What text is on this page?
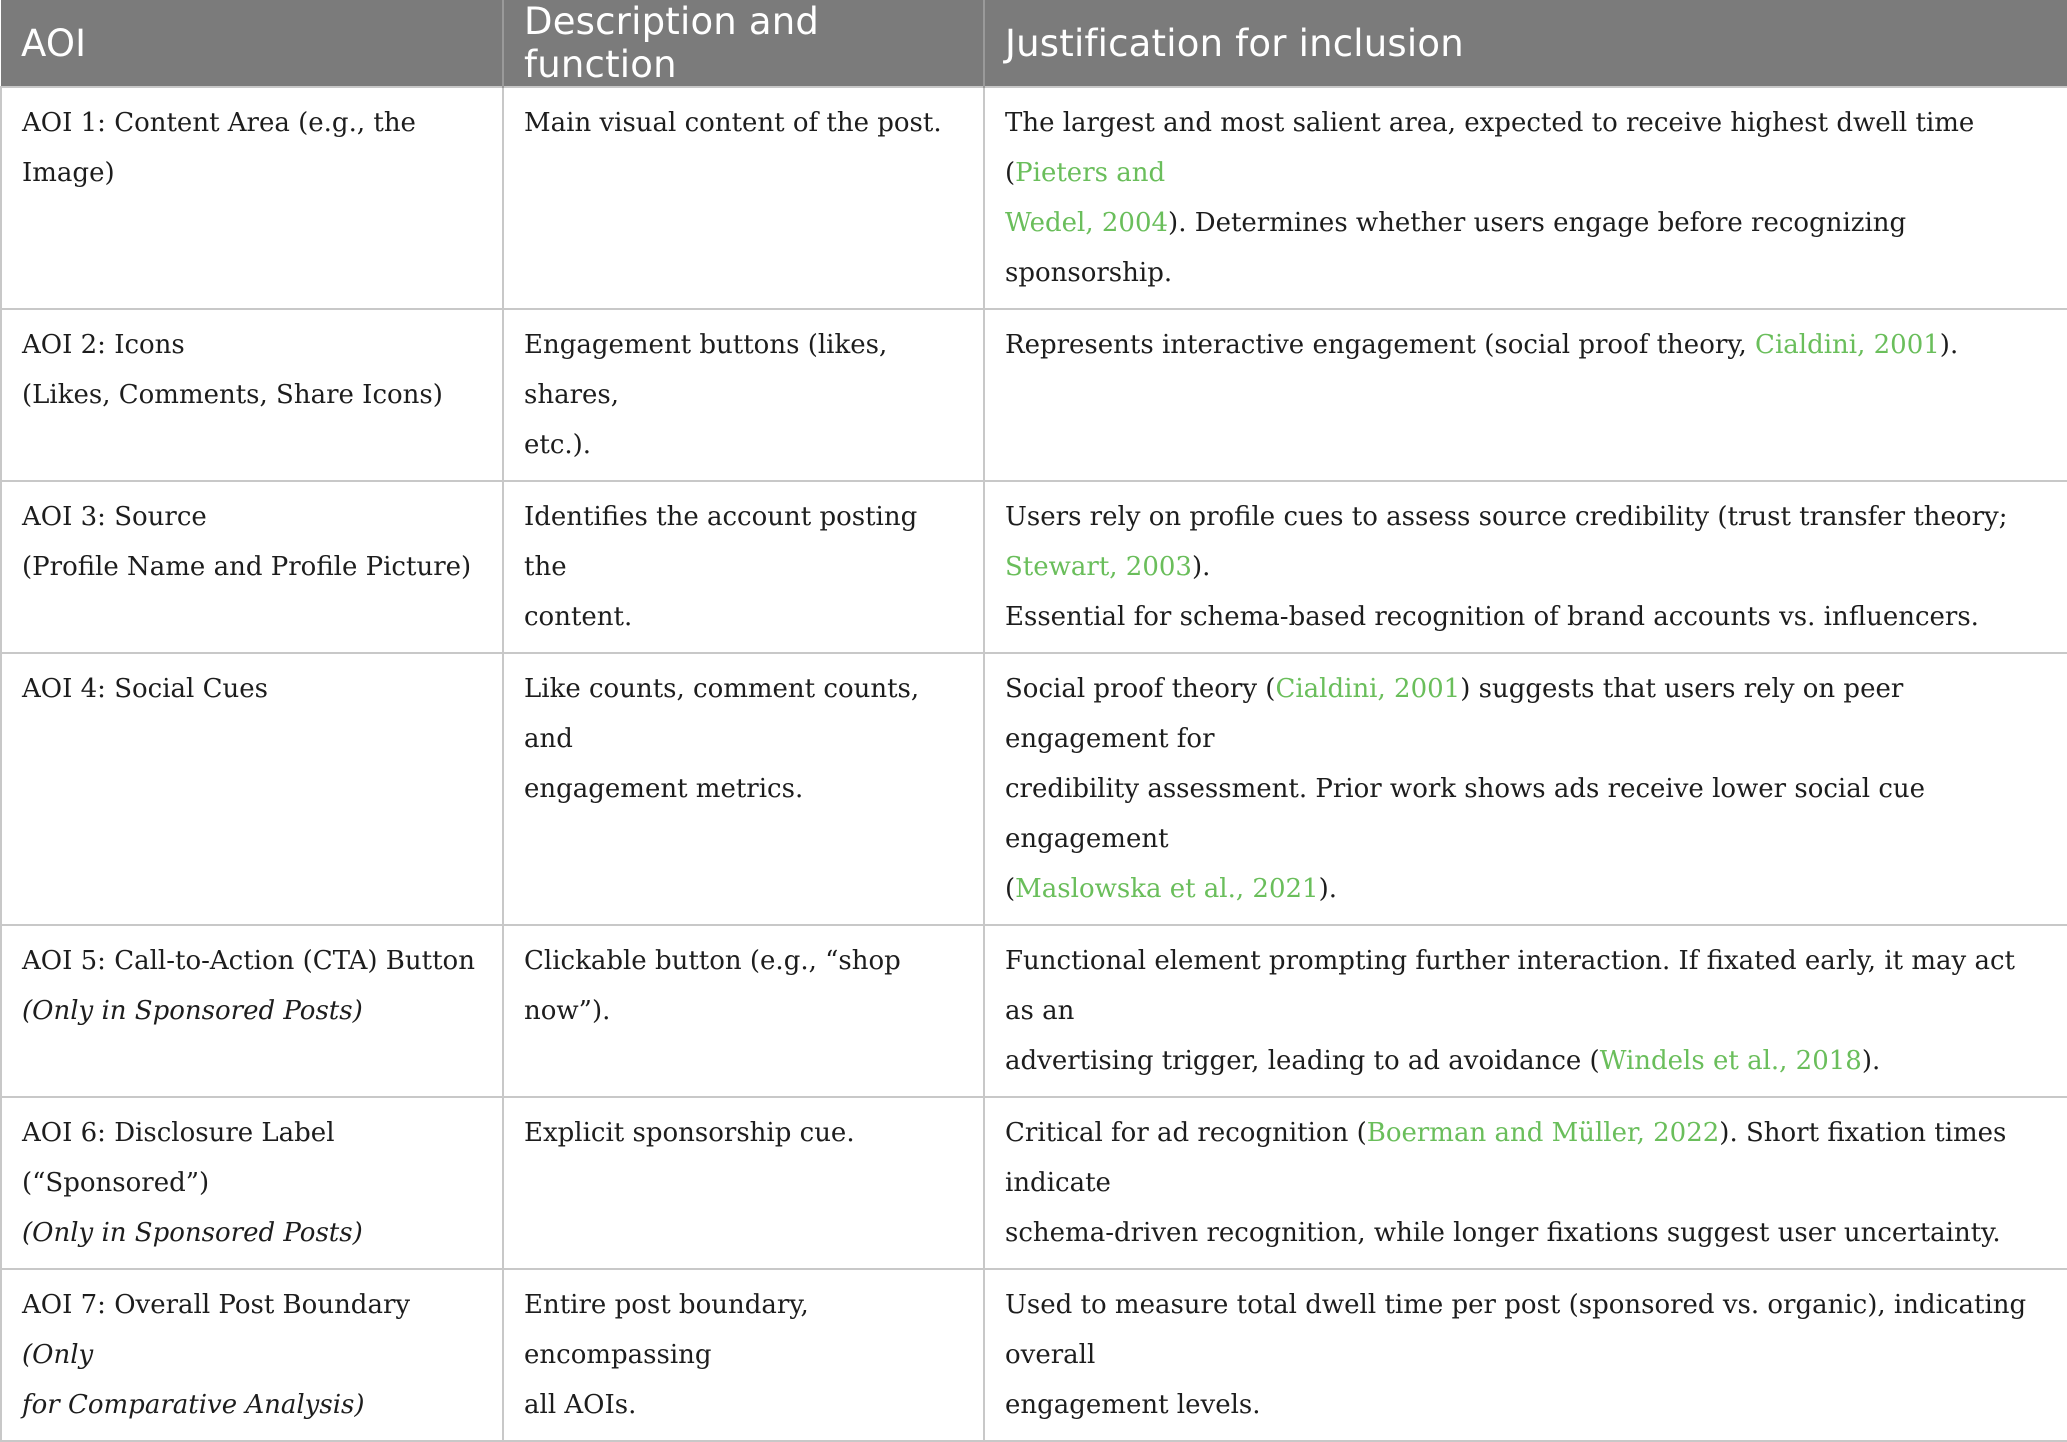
AOI	Description and function	Justification for inclusion
AOI 1: Content Area (e.g., the Image)	Main visual content of the post.	The largest and most salient area, expected to receive highest dwell time (Pieters and
Wedel, 2004). Determines whether users engage before recognizing sponsorship.

AOI 2: Icons
(Likes, Comments, Share Icons)	Engagement buttons (likes, shares,
etc.).	Represents interactive engagement (social proof theory, Cialdini, 2001).

AOI 3: Source
(Profile Name and Profile Picture)	Identifies the account posting the
content.	Users rely on profile cues to assess source credibility (trust transfer theory; Stewart, 2003).
Essential for schema-based recognition of brand accounts vs. influencers.

AOI 4: Social Cues	Like counts, comment counts, and
engagement metrics.	Social proof theory (Cialdini, 2001) suggests that users rely on peer engagement for
credibility assessment. Prior work shows ads receive lower social cue engagement
(Maslowska et al., 2021).

AOI 5: Call-to-Action (CTA) Button
(Only in Sponsored Posts)	Clickable button (e.g., “shop now”).	Functional element prompting further interaction. If fixated early, it may act as an
advertising trigger, leading to ad avoidance (Windels et al., 2018).

AOI 6: Disclosure Label (“Sponsored”)
(Only in Sponsored Posts)	Explicit sponsorship cue.	Critical for ad recognition (Boerman and Müller, 2022). Short fixation times indicate
schema-driven recognition, while longer fixations suggest user uncertainty.

AOI 7: Overall Post Boundary (Only
for Comparative Analysis)	Entire post boundary, encompassing
all AOIs.	Used to measure total dwell time per post (sponsored vs. organic), indicating overall
engagement levels.
